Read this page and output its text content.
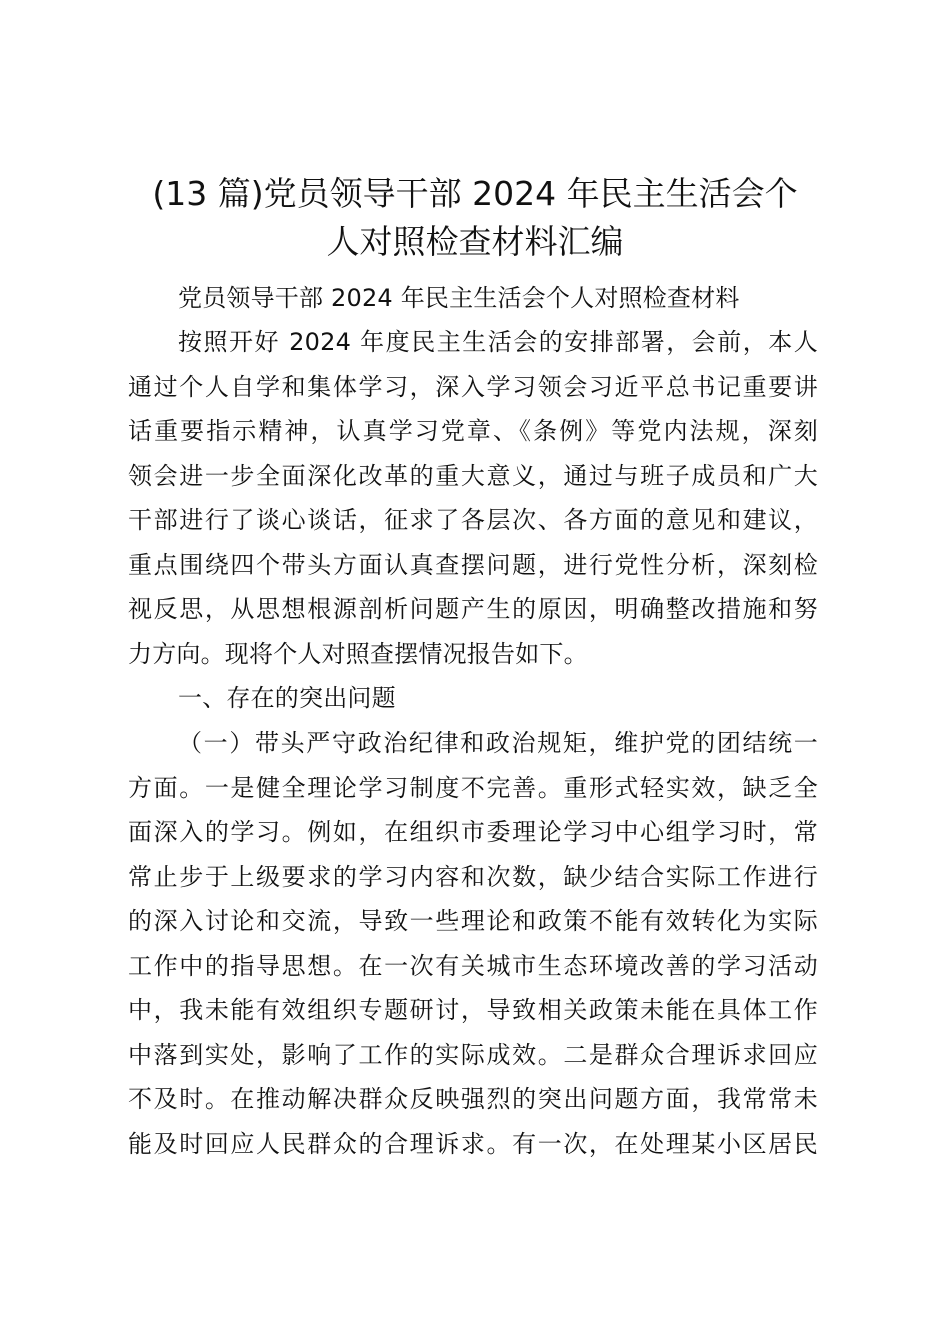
(13 篇)党员领导干部 2024 年民主生活会个
人对照检查材料汇编
党员领导干部 2024 年民主生活会个人对照检查材料
按照开好 2024 年度民主生活会的安排部署，会前，本人
通过个人自学和集体学习，深入学习领会习近平总书记重要讲
话重要指示精神，认真学习党章、《条例》等党内法规，深刻
领会进一步全面深化改革的重大意义，通过与班子成员和广大
干部进行了谈心谈话，征求了各层次、各方面的意见和建议，
重点围绕四个带头方面认真查摆问题，进行党性分析，深刻检
视反思，从思想根源剖析问题产生的原因，明确整改措施和努
力方向。现将个人对照查摆情况报告如下。
一、存在的突出问题
（一）带头严守政治纪律和政治规矩，维护党的团结统一
方面。一是健全理论学习制度不完善。重形式轻实效，缺乏全
面深入的学习。例如，在组织市委理论学习中心组学习时，常
常止步于上级要求的学习内容和次数，缺少结合实际工作进行
的深入讨论和交流，导致一些理论和政策不能有效转化为实际
工作中的指导思想。在一次有关城市生态环境改善的学习活动
中，我未能有效组织专题研讨，导致相关政策未能在具体工作
中落到实处，影响了工作的实际成效。二是群众合理诉求回应
不及时。在推动解决群众反映强烈的突出问题方面，我常常未
能及时回应人民群众的合理诉求。有一次，在处理某小区居民
